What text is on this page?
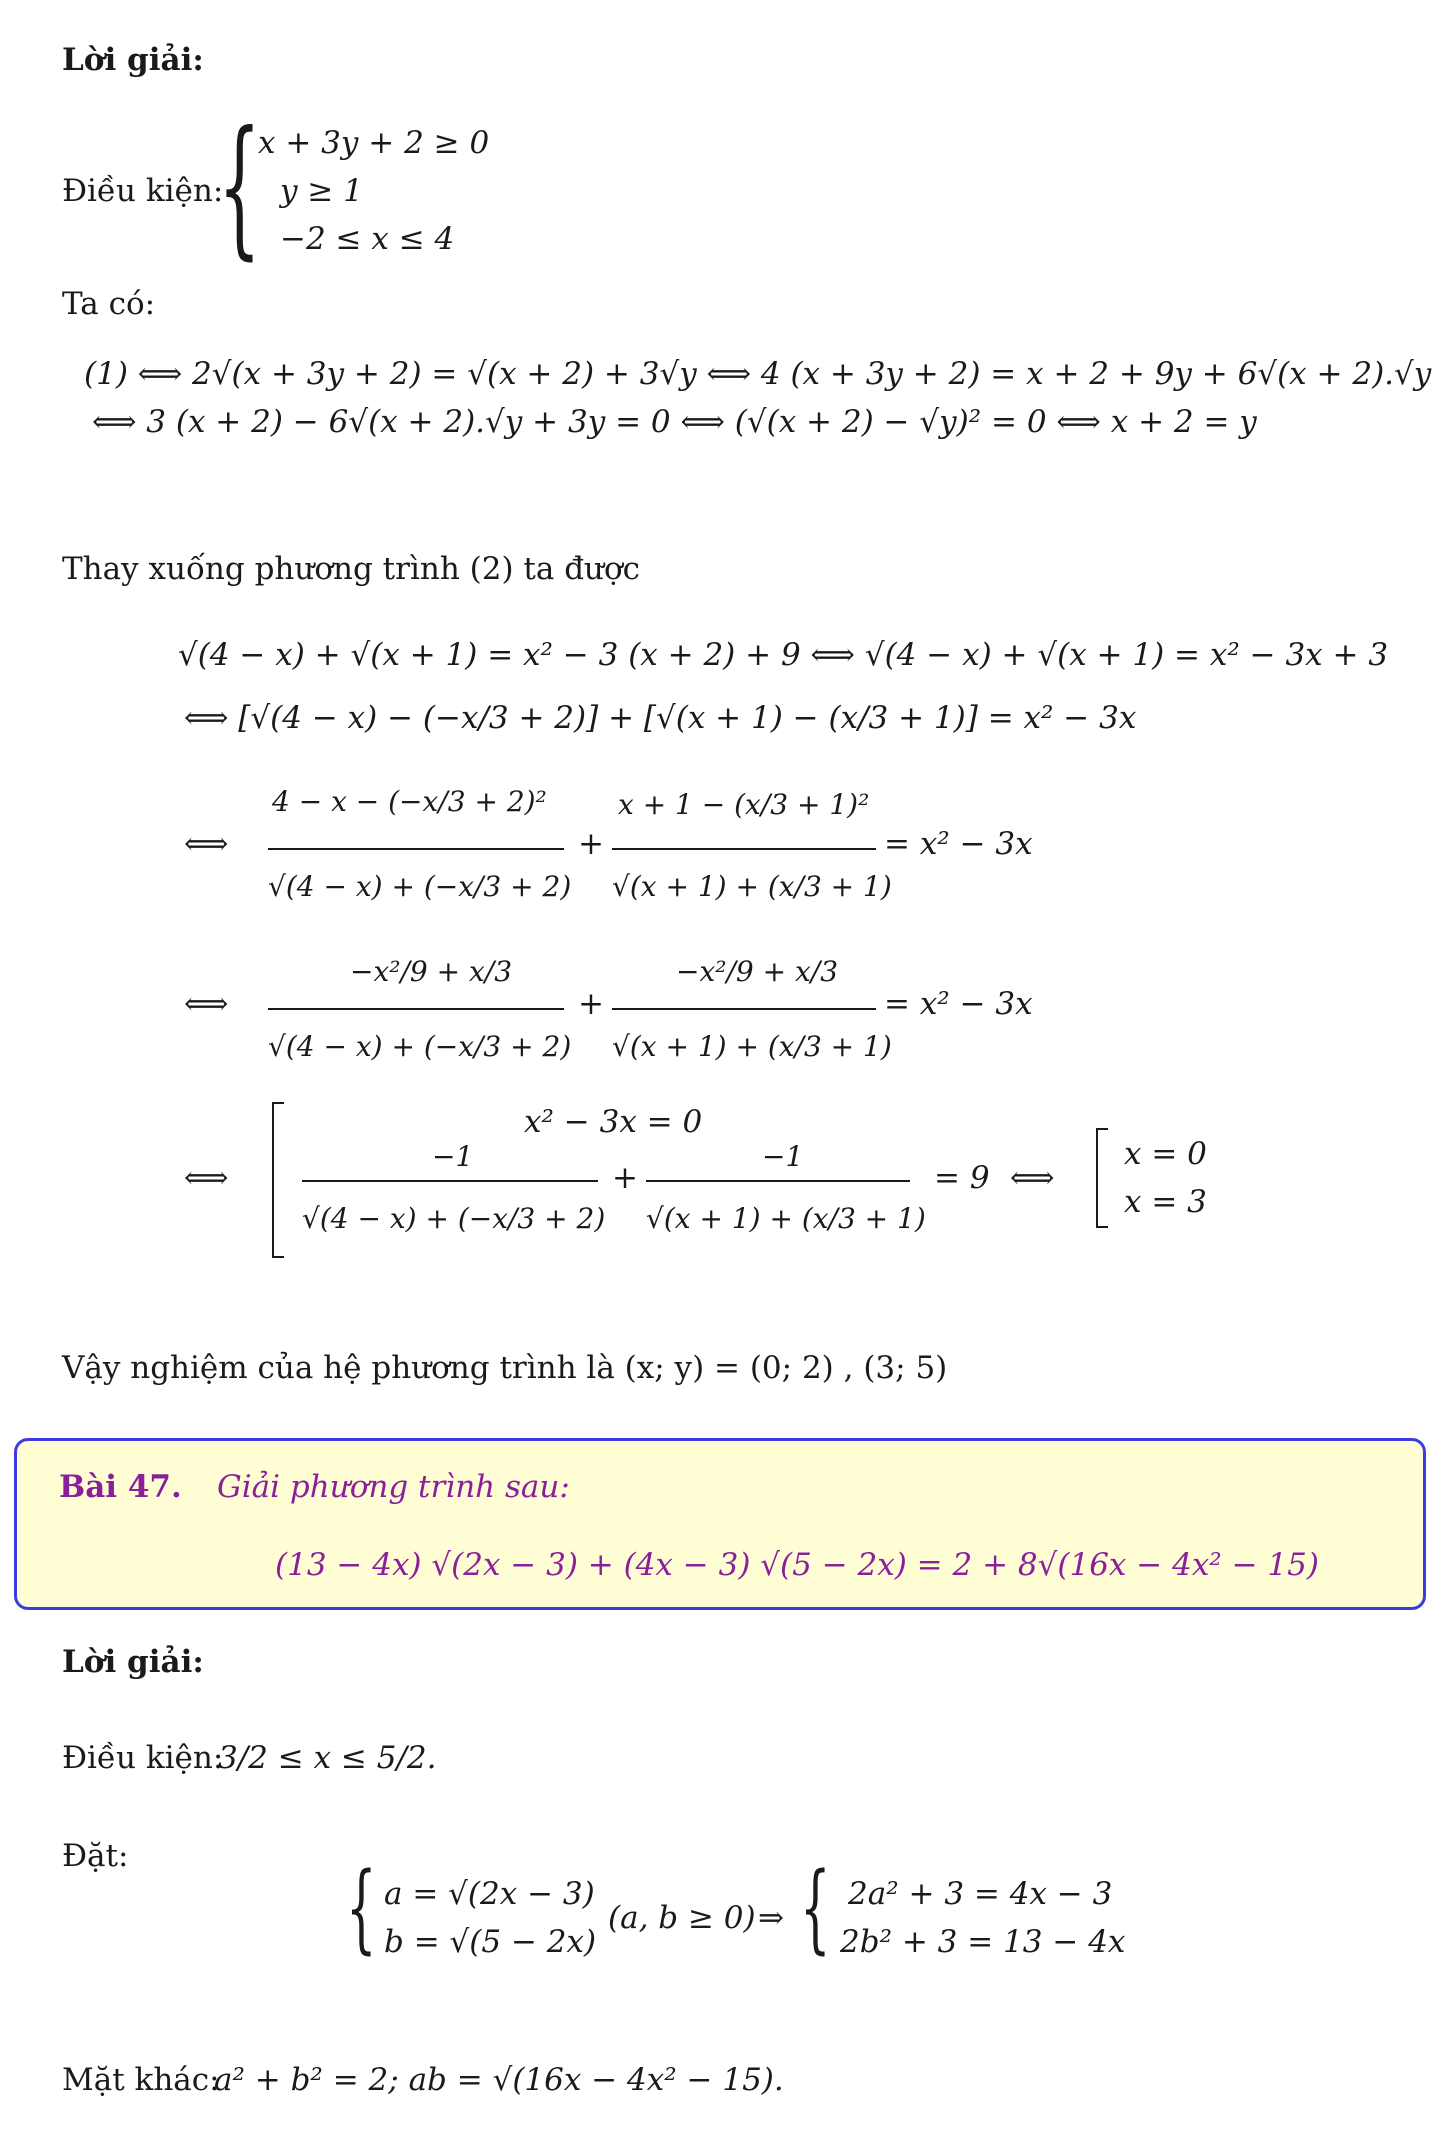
Lời giải:
Điều kiện:
{
x + 3y + 2 ≥ 0
y ≥ 1
−2 ≤ x ≤ 4
Ta có:
(1) ⟺ 2√(x + 3y + 2) = √(x + 2) + 3√y ⟺ 4 (x + 3y + 2) = x + 2 + 9y + 6√(x + 2).√y
⟺ 3 (x + 2) − 6√(x + 2).√y + 3y = 0 ⟺ (√(x + 2) − √y)² = 0 ⟺ x + 2 = y
Thay xuống phương trình (2) ta được
√(4 − x) + √(x + 1) = x² − 3 (x + 2) + 9 ⟺ √(4 − x) + √(x + 1) = x² − 3x + 3
⟺ [√(4 − x) − (−x/3 + 2)] + [√(x + 1) − (x/3 + 1)] = x² − 3x
⟺
4 − x − (−x/3 + 2)²
√(4 − x) + (−x/3 + 2)
+
x + 1 − (x/3 + 1)²
√(x + 1) + (x/3 + 1)
= x² − 3x
⟺
−x²/9 + x/3
√(4 − x) + (−x/3 + 2)
+
−x²/9 + x/3
√(x + 1) + (x/3 + 1)
= x² − 3x
⟺
x² − 3x = 0
−1
√(4 − x) + (−x/3 + 2)
+
−1
√(x + 1) + (x/3 + 1)
= 9 ⟺
x = 0
x = 3
Vậy nghiệm của hệ phương trình là (x; y) = (0; 2) , (3; 5)
Bài 47. Giải phương trình sau:
(13 − 4x) √(2x − 3) + (4x − 3) √(5 − 2x) = 2 + 8√(16x − 4x² − 15)
Lời giải:
Điều kiện:
3/2 ≤ x ≤ 5/2.
Đặt: { a = √(2x − 3)
b = √(5 − 2x)
(a, b ≥ 0) ⇒ { 2a² + 3 = 4x − 3
2b² + 3 = 13 − 4x
Mặt khác:
a² + b² = 2; ab = √(16x − 4x² − 15).
